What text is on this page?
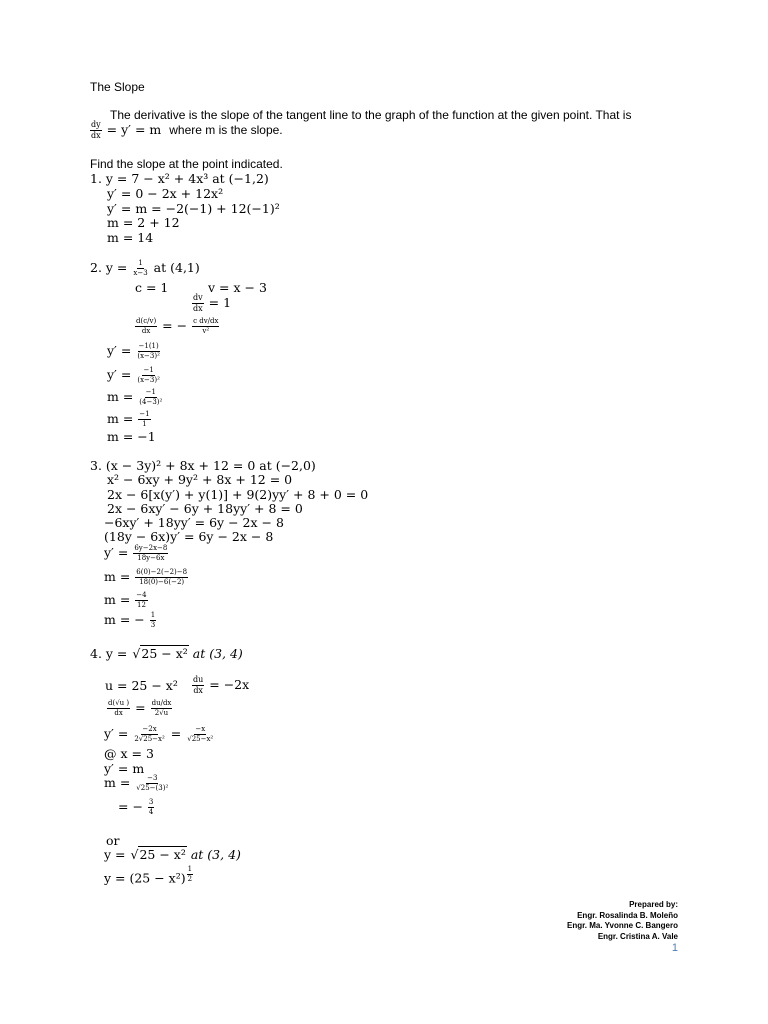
The Slope
The derivative is the slope of the tangent line to the graph of the function at the given point. That is
$\frac{dy}{dx} = y' = m$ where m is the slope.
Find the slope at the point indicated.
1. y = 7 − x² + 4x³ at (−1,2)
y′ = 0 − 2x + 12x²
y′ = m = −2(−1) + 12(−1)²
m = 2 + 12
m = 14
2. $y = \frac{1}{x-3}$ at (4,1)
c = 1	v = x − 3
$\frac{dv}{dx} = 1$
$\frac{d(c/v)}{dx}$ = − $\frac{\text{c dv/dx}}{\text{v²}}$
$y' = \frac{-1(1)}{\text{(x−3)²}}$
$y' = \frac{-1}{\text{(x−3)²}}$
$m = \frac{-1}{\text{(4−3)²}}$
$m = \frac{-1}{1}$
m = −1
3. (x − 3y)² + 8x + 12 = 0 at (−2,0)
x² − 6xy + 9y² + 8x + 12 = 0
2x − 6[x(y′) + y(1)] + 9(2)yy′ + 8 + 0 = 0
2x − 6xy′ − 6y + 18yy′ + 8 = 0
−6xy′ + 18yy′ = 6y − 2x − 8
(18y − 6x)y′ = 6y − 2x − 8
$y' = \frac{6y-2x-8}{18y-6x}$
$m = \frac{6(0)-2(-2)-8}{18(0)-6(-2)}$
$m = \frac{-4}{12}$
m = − $\frac{1}{3}$
4. y = √25 − x² at (3, 4)
$u = 25 - x^2 \frac{du}{dx} = -2x$
$\frac{d(√u )}{dx} = \frac{du/dx}{2√u}$
$y' = \frac{-2x}{\text{2√25−x²}} = \frac{-x}{\text{√25−x²}}$
@ x = 3
y′ = m
$m = \frac{-3}{\text{√25−(3)²}}$
= − $\frac{3}{4}$
or
y = √25 − x² at (3, 4)
y = (25 − x²) $^{\frac{1}{2}}$
Prepared by:
Engr. Rosalinda B. Moleño
Engr. Ma. Yvonne C. Bangero
Engr. Cristina A. Vale
1
